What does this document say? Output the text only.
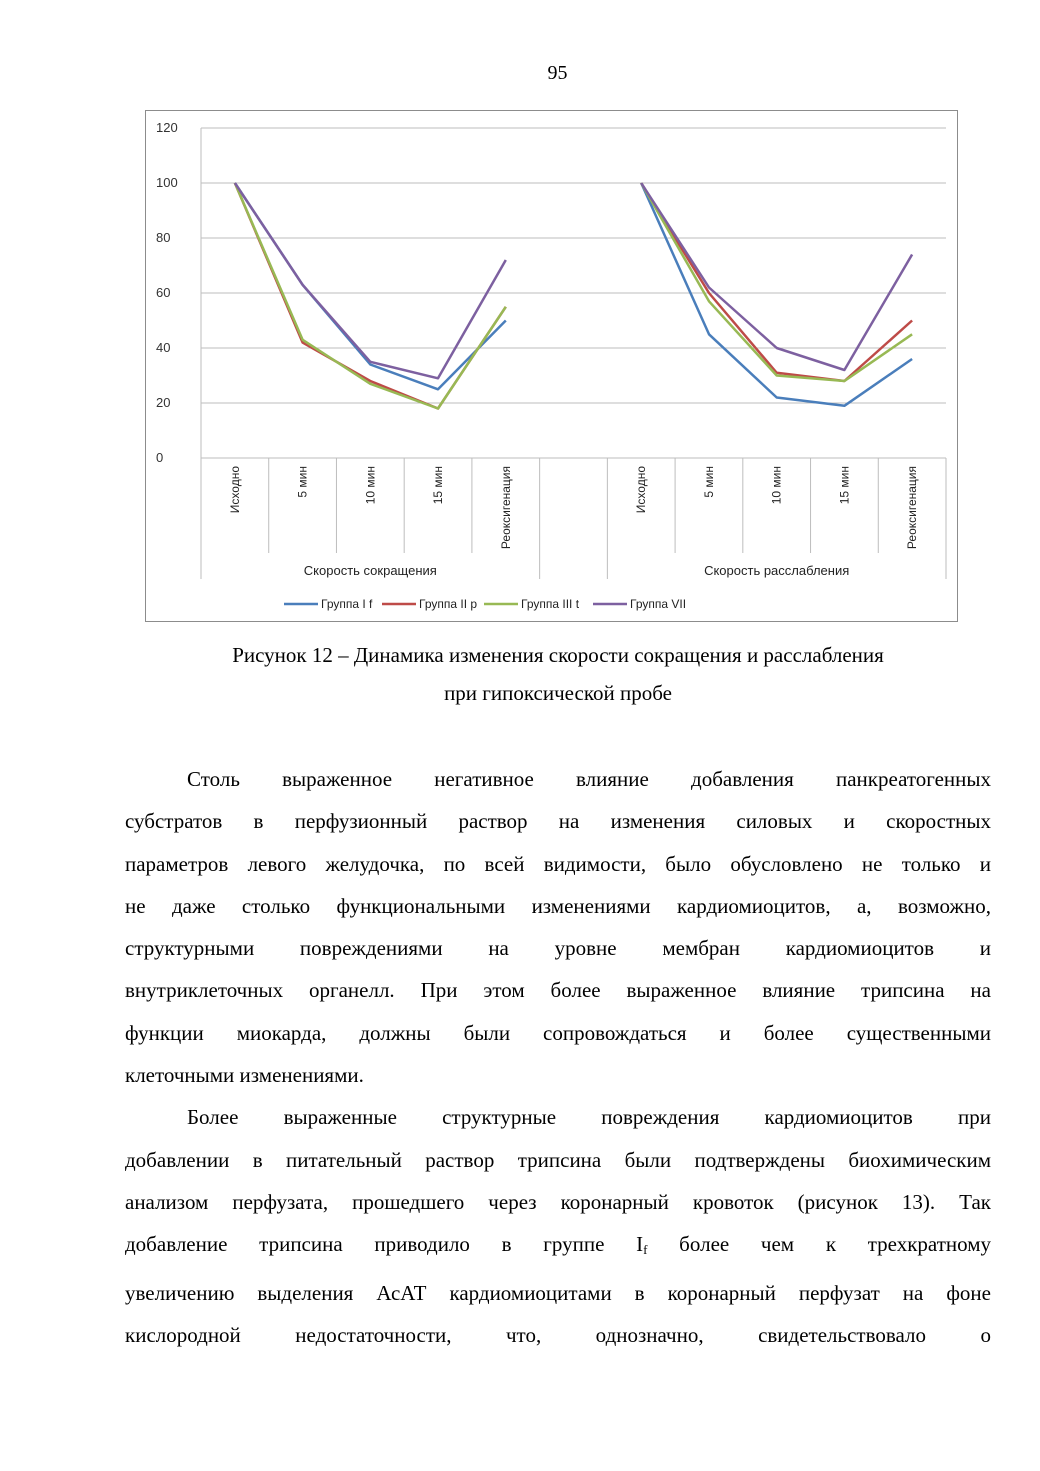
95
0
20
40
60
80
100
120
Исходно	5 мин	10 мин	15 мин	Реоксигенация
Скорость сокращения
Исходно	5 мин	10 мин	15 мин	Реоксигенация
Скорость расслабления
Группа I f	Группа II р	Группа III t	Группа VII
Рисунок 12 – Динамика изменения скорости сокращения и расслабления
при гипоксической пробе
Столь выраженное негативное влияние добавления панкреатогенных
субстратов в перфузионный раствор на изменения силовых и скоростных
параметров левого желудочка, по всей видимости, было обусловлено не только и
не даже столько функциональными изменениями кардиомиоцитов, а, возможно,
структурными повреждениями на уровне мембран кардиомиоцитов и
внутриклеточных органелл. При этом более выраженное влияние трипсина на
функции миокарда, должны были сопровождаться и более существенными
клеточными изменениями.
Более выраженные структурные повреждения кардиомиоцитов при
добавлении в питательный раствор трипсина были подтверждены биохимическим
анализом перфузата, прошедшего через коронарный кровоток (рисунок 13). Так
добавление трипсина приводило в группе $I_f$ более чем к трехкратному
увеличению выделения АсАТ кардиомиоцитами в коронарный перфузат на фоне
кислородной недостаточности, что, однозначно, свидетельствовало о
